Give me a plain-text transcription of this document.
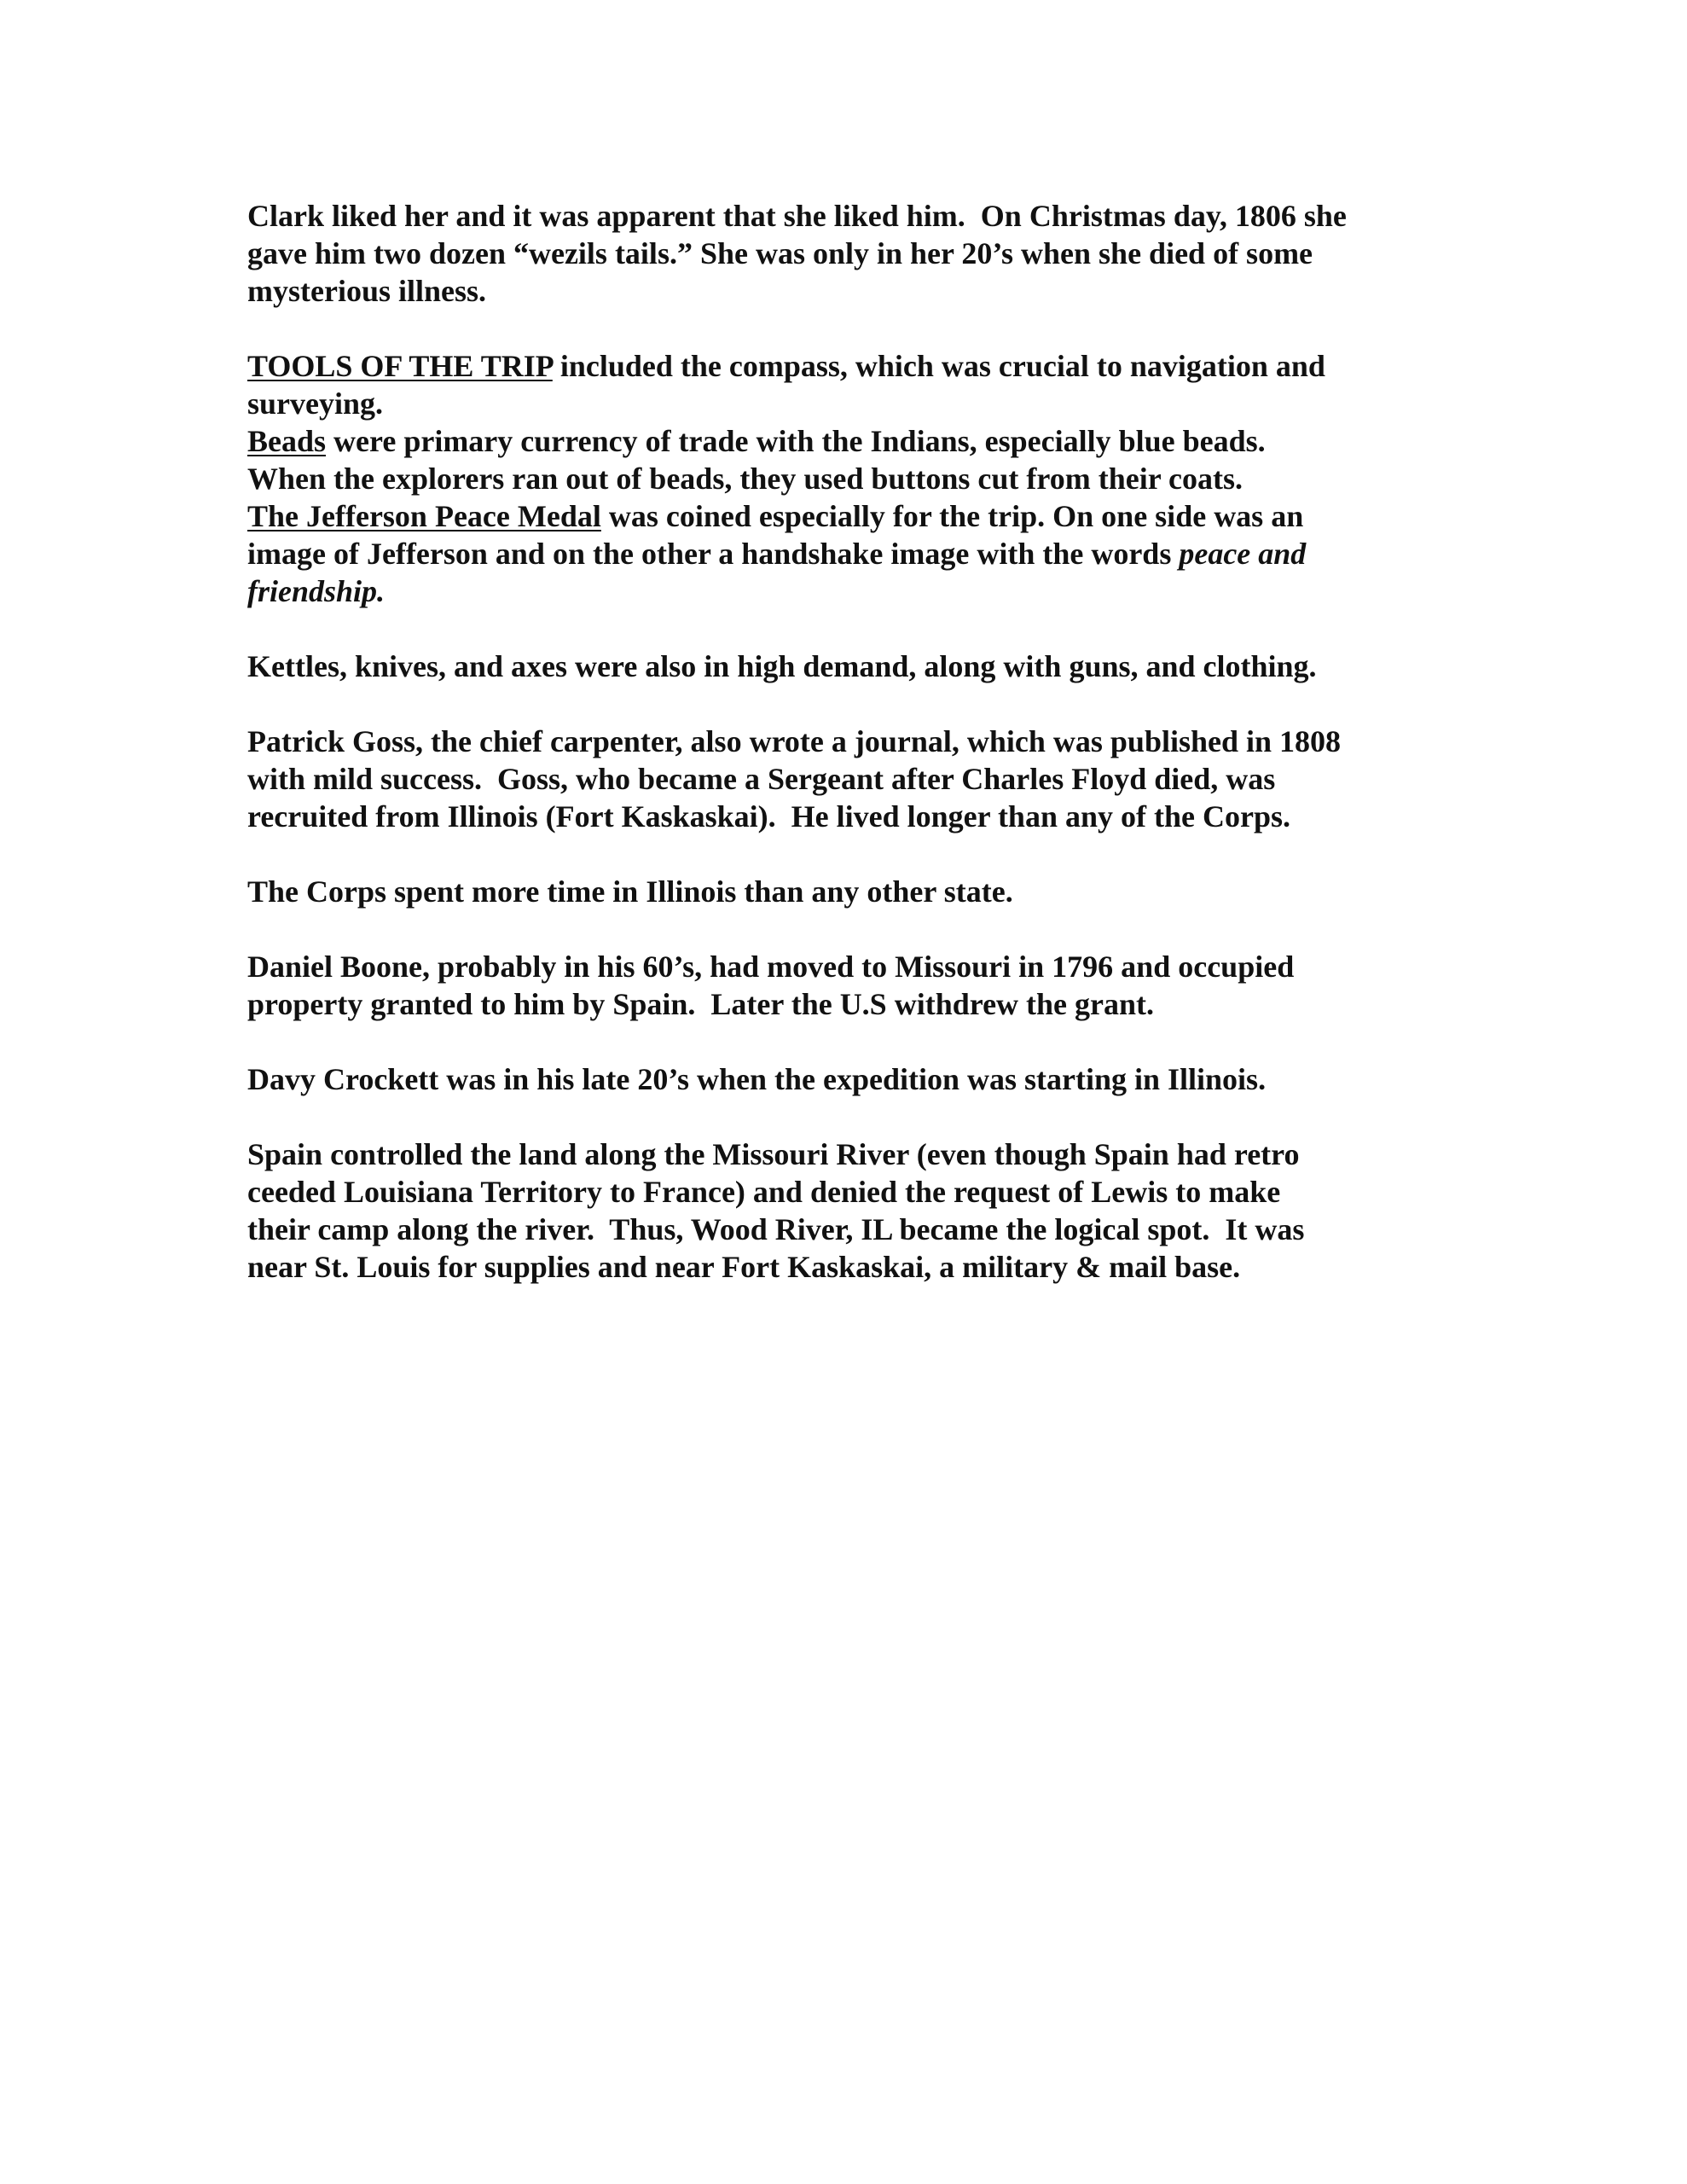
Clark liked her and it was apparent that she liked him.  On Christmas day, 1806 she
gave him two dozen “wezils tails.” She was only in her 20’s when she died of some
mysterious illness.
TOOLS OF THE TRIP included the compass, which was crucial to navigation and
surveying.
Beads were primary currency of trade with the Indians, especially blue beads.
When the explorers ran out of beads, they used buttons cut from their coats.
The Jefferson Peace Medal was coined especially for the trip. On one side was an
image of Jefferson and on the other a handshake image with the words peace and
friendship.
Kettles, knives, and axes were also in high demand, along with guns, and clothing.
Patrick Goss, the chief carpenter, also wrote a journal, which was published in 1808
with mild success.  Goss, who became a Sergeant after Charles Floyd died, was
recruited from Illinois (Fort Kaskaskai).  He lived longer than any of the Corps.
The Corps spent more time in Illinois than any other state.
Daniel Boone, probably in his 60’s, had moved to Missouri in 1796 and occupied
property granted to him by Spain.  Later the U.S withdrew the grant.
Davy Crockett was in his late 20’s when the expedition was starting in Illinois.
Spain controlled the land along the Missouri River (even though Spain had retro
ceeded Louisiana Territory to France) and denied the request of Lewis to make
their camp along the river.  Thus, Wood River, IL became the logical spot.  It was
near St. Louis for supplies and near Fort Kaskaskai, a military & mail base.
